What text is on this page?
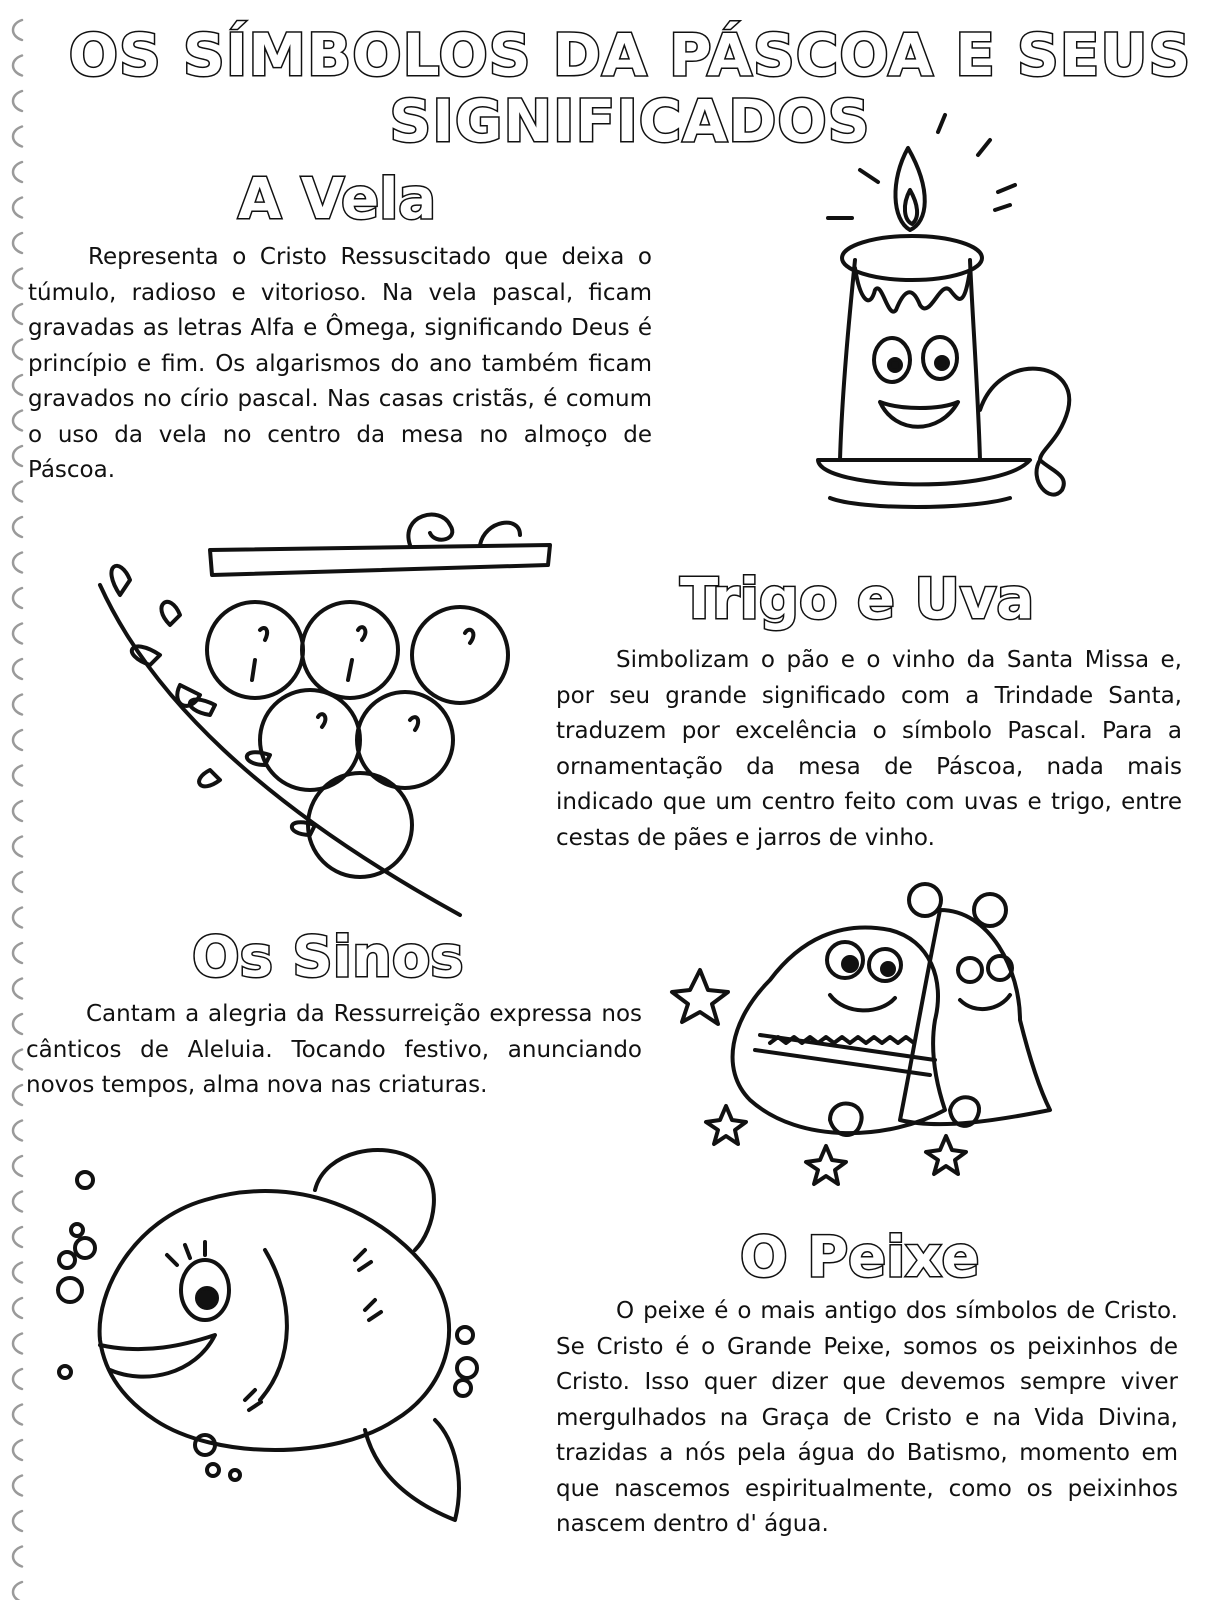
OS SÍMBOLOS DA PÁSCOA E SEUS SIGNIFICADOS
A Vela

Representa o Cristo Ressuscitado que deixa o túmulo, radioso e vitorioso. Na vela pascal, ficam gravadas as letras Alfa e Ômega, significando Deus é princípio e fim. Os algarismos do ano também ficam gravados no círio pascal. Nas casas cristãs, é comum o uso da vela no centro da mesa no almoço de Páscoa.

Trigo e Uva

Simbolizam o pão e o vinho da Santa Missa e, por seu grande significado com a Trindade Santa, traduzem por excelência o símbolo Pascal. Para a ornamentação da mesa de Páscoa, nada mais indicado que um centro feito com uvas e trigo, entre cestas de pães e jarros de vinho.

Os Sinos

Cantam a alegria da Ressurreição expressa nos cânticos de Aleluia. Tocando festivo, anunciando novos tempos, alma nova nas criaturas.

O Peixe

O peixe é o mais antigo dos símbolos de Cristo. Se Cristo é o Grande Peixe, somos os peixinhos de Cristo. Isso quer dizer que devemos sempre viver mergulhados na Graça de Cristo e na Vida Divina, trazidas a nós pela água do Batismo, momento em que nascemos espiritualmente, como os peixinhos nascem dentro d' água.
